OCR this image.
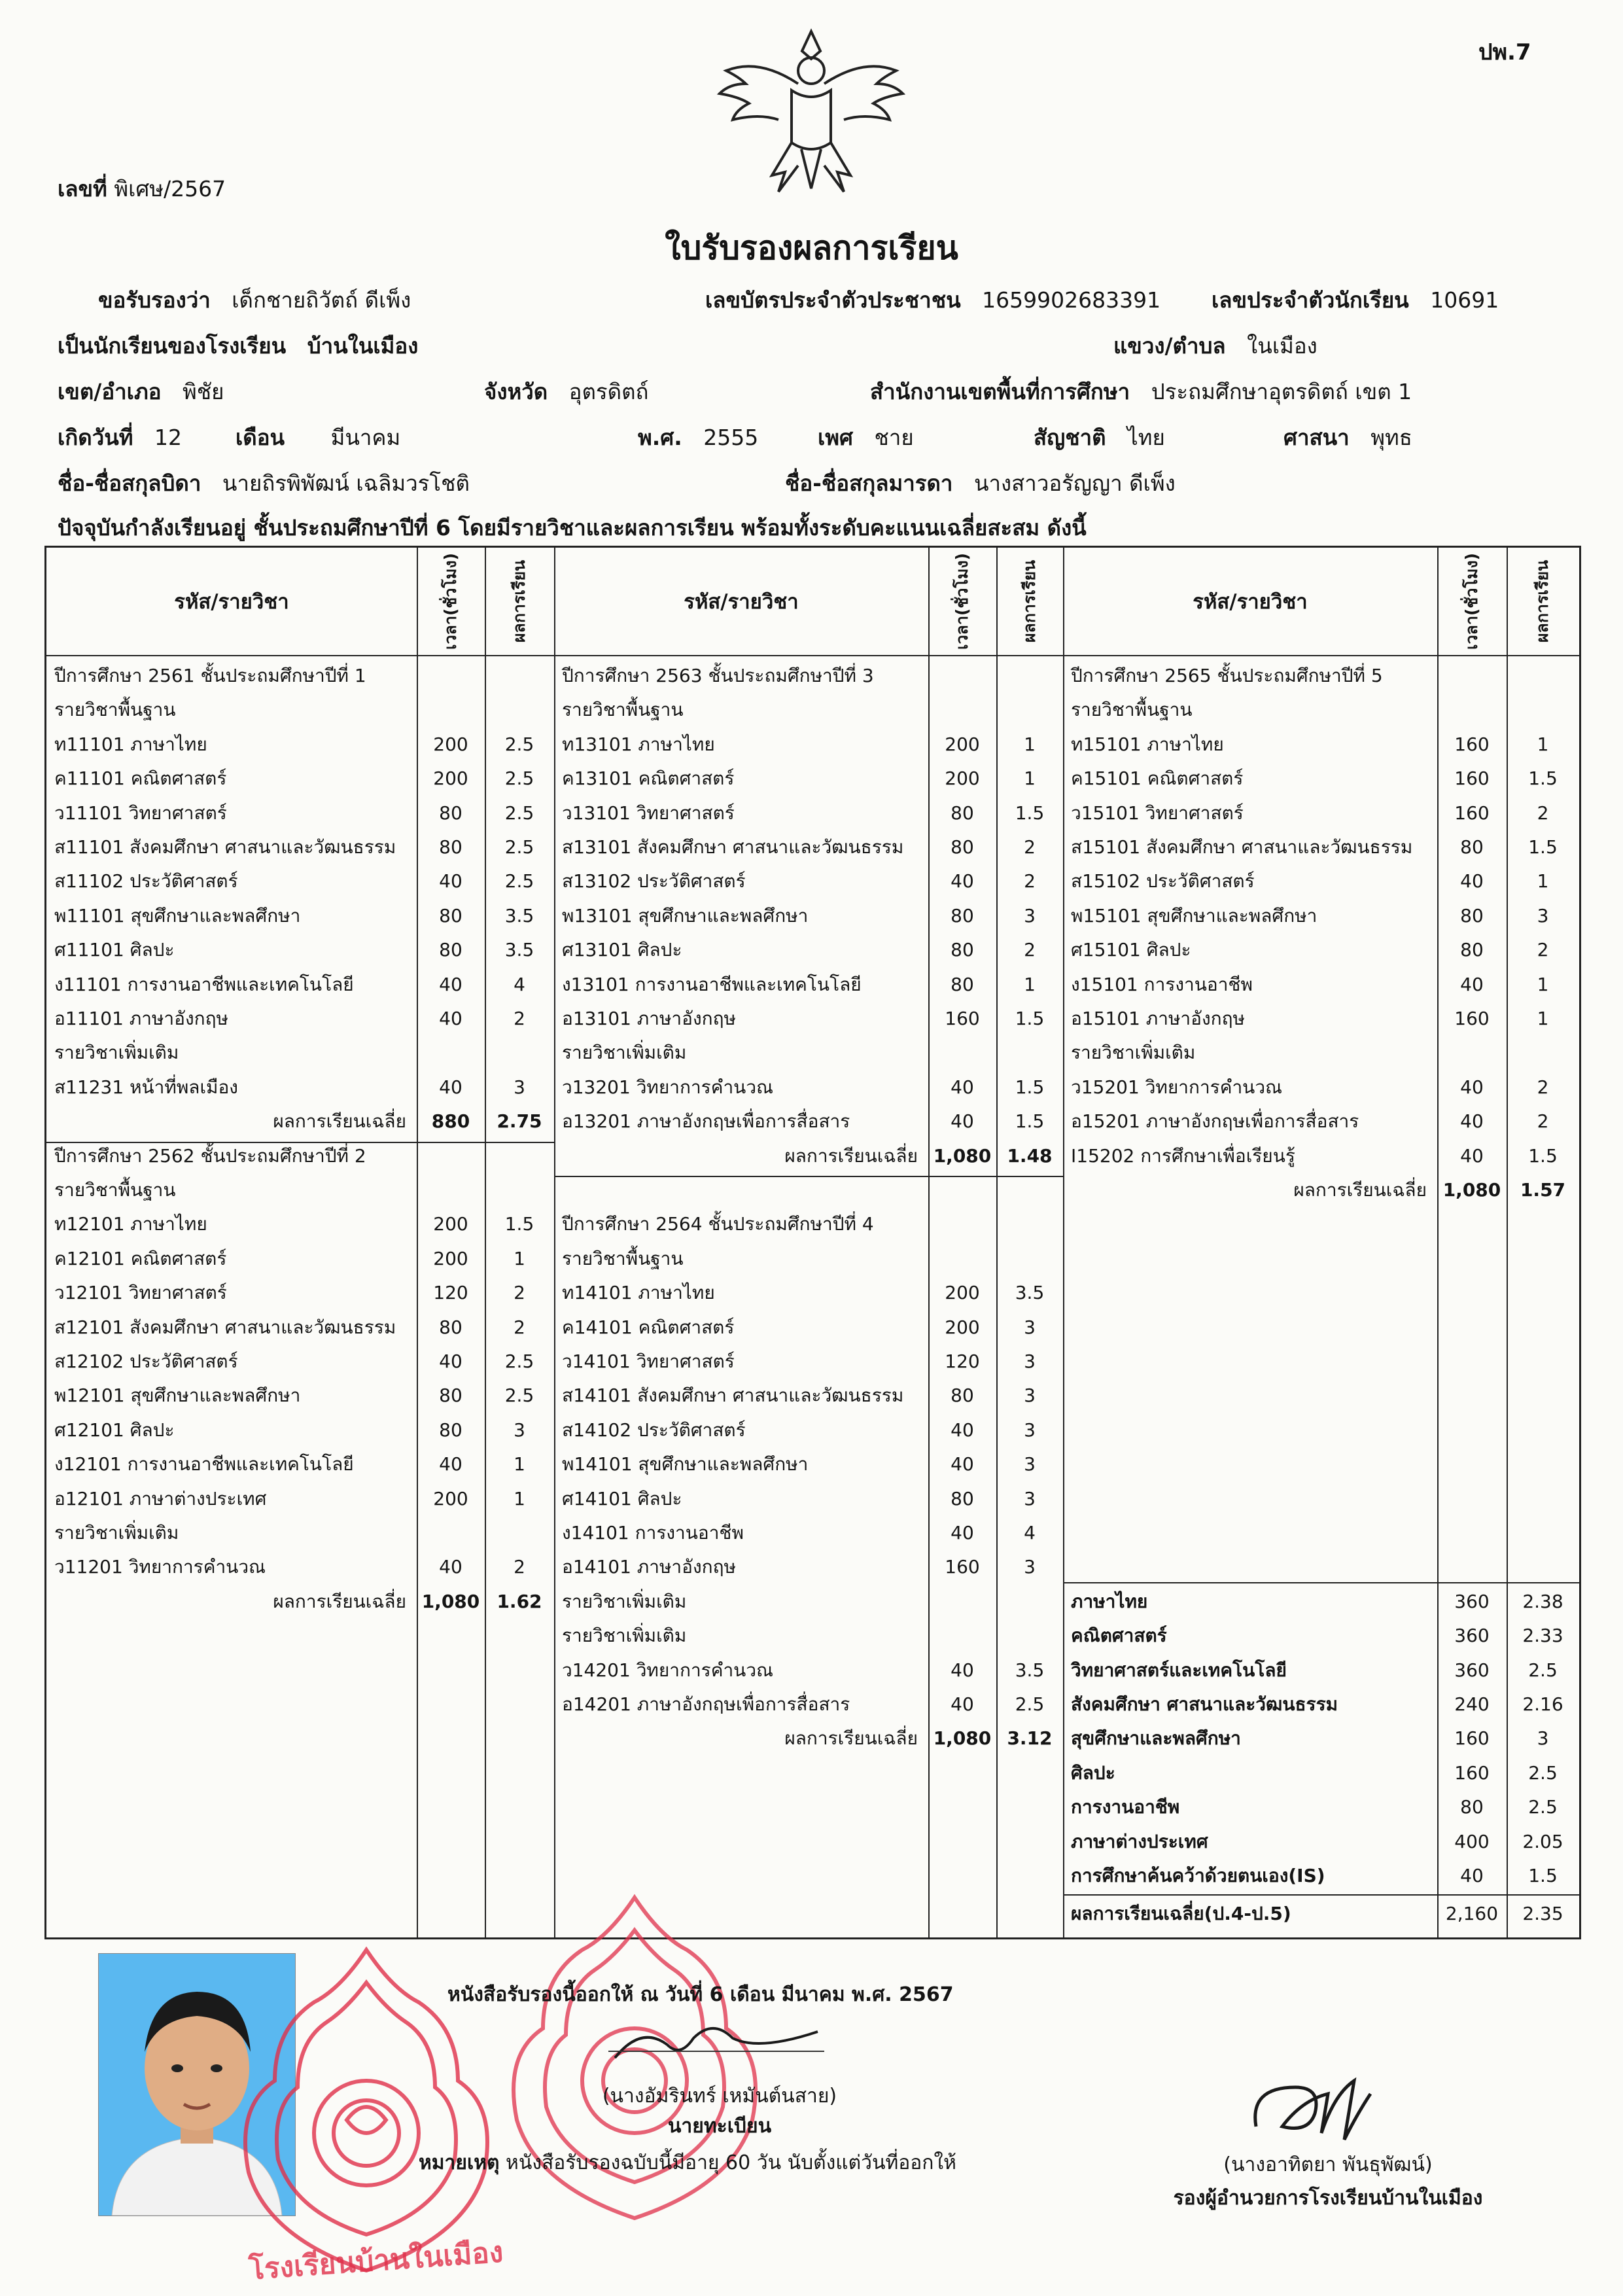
ปพ.7
เลขที่ พิเศษ/2567
ใบรับรองผลการเรียน
ขอรับรองว่า เด็กชายถิวัตถ์ ดีเพ็ง	เลขบัตรประจำตัวประชาชน 1659902683391 เลขประจำตัวนักเรียน 10691
เป็นนักเรียนของโรงเรียน บ้านในเมือง	แขวง/ตำบล ในเมือง
เขต/อำเภอ พิชัย	จังหวัด อุตรดิตถ์	สำนักงานเขตพื้นที่การศึกษา ประถมศึกษาอุตรดิตถ์ เขต 1
เกิดวันที่ 12 เดือน มีนาคม	พ.ศ. 2555	เพศ ชาย	สัญชาติ ไทย	ศาสนา พุทธ
ชื่อ-ชื่อสกุลบิดา นายถิรพิพัฒน์ เฉลิมวรโชติ	ชื่อ-ชื่อสกุลมารดา นางสาวอรัญญา ดีเพ็ง
ปัจจุบันกำลังเรียนอยู่ ชั้นประถมศึกษาปีที่ 6 โดยมีรายวิชาและผลการเรียน พร้อมทั้งระดับคะแนนเฉลี่ยสะสม ดังนี้
รหัส/รายวิชา	เวลา(ชั่วโมง)	ผลการเรียน	รหัส/รายวิชา	เวลา(ชั่วโมง)	ผลการเรียน	รหัส/รายวิชา	เวลา(ชั่วโมง)	ผลการเรียน
ปีการศึกษา 2561 ชั้นประถมศึกษาปีที่ 1
รายวิชาพื้นฐาน
ท11101 ภาษาไทย	200	2.5
ค11101 คณิตศาสตร์	200	2.5
ว11101 วิทยาศาสตร์	80	2.5
ส11101 สังคมศึกษา ศาสนาและวัฒนธรรม	80	2.5
ส11102 ประวัติศาสตร์	40	2.5
พ11101 สุขศึกษาและพลศึกษา	80	3.5
ศ11101 ศิลปะ	80	3.5
ง11101 การงานอาชีพและเทคโนโลยี	40	4
อ11101 ภาษาอังกฤษ	40	2
รายวิชาเพิ่มเติม
ส11231 หน้าที่พลเมือง	40	3
ผลการเรียนเฉลี่ย	880	2.75
ปีการศึกษา 2562 ชั้นประถมศึกษาปีที่ 2
รายวิชาพื้นฐาน
ท12101 ภาษาไทย	200	1.5
ค12101 คณิตศาสตร์	200	1
ว12101 วิทยาศาสตร์	120	2
ส12101 สังคมศึกษา ศาสนาและวัฒนธรรม	80	2
ส12102 ประวัติศาสตร์	40	2.5
พ12101 สุขศึกษาและพลศึกษา	80	2.5
ศ12101 ศิลปะ	80	3
ง12101 การงานอาชีพและเทคโนโลยี	40	1
อ12101 ภาษาต่างประเทศ	200	1
รายวิชาเพิ่มเติม
ว11201 วิทยาการคำนวณ	40	2
ผลการเรียนเฉลี่ย 1,080 1.62
ปีการศึกษา 2563 ชั้นประถมศึกษาปีที่ 3
รายวิชาพื้นฐาน
ท13101 ภาษาไทย	200	1
ค13101 คณิตศาสตร์	200	1
ว13101 วิทยาศาสตร์	80	1.5
ส13101 สังคมศึกษา ศาสนาและวัฒนธรรม	80	2
ส13102 ประวัติศาสตร์	40	2
พ13101 สุขศึกษาและพลศึกษา	80	3
ศ13101 ศิลปะ	80	2
ง13101 การงานอาชีพและเทคโนโลยี	80	1
อ13101 ภาษาอังกฤษ	160	1.5
รายวิชาเพิ่มเติม
ว13201 วิทยาการคำนวณ	40	1.5
อ13201 ภาษาอังกฤษเพื่อการสื่อสาร	40	1.5
ผลการเรียนเฉลี่ย 1,080 1.48
ปีการศึกษา 2564 ชั้นประถมศึกษาปีที่ 4
รายวิชาพื้นฐาน
ท14101 ภาษาไทย	200	3.5
ค14101 คณิตศาสตร์	200	3
ว14101 วิทยาศาสตร์	120	3
ส14101 สังคมศึกษา ศาสนาและวัฒนธรรม	80	3
ส14102 ประวัติศาสตร์	40	3
พ14101 สุขศึกษาและพลศึกษา	40	3
ศ14101 ศิลปะ	80	3
ง14101 การงานอาชีพ	40	4
อ14101 ภาษาอังกฤษ	160	3
รายวิชาเพิ่มเติม
รายวิชาเพิ่มเติม
ว14201 วิทยาการคำนวณ	40	3.5
อ14201 ภาษาอังกฤษเพื่อการสื่อสาร	40	2.5
ผลการเรียนเฉลี่ย 1,080 3.12
ปีการศึกษา 2565 ชั้นประถมศึกษาปีที่ 5
รายวิชาพื้นฐาน
ท15101 ภาษาไทย	160	1
ค15101 คณิตศาสตร์	160	1.5
ว15101 วิทยาศาสตร์	160	2
ส15101 สังคมศึกษา ศาสนาและวัฒนธรรม	80	1.5
ส15102 ประวัติศาสตร์	40	1
พ15101 สุขศึกษาและพลศึกษา	80	3
ศ15101 ศิลปะ	80	2
ง15101 การงานอาชีพ	40	1
อ15101 ภาษาอังกฤษ	160	1
รายวิชาเพิ่มเติม
ว15201 วิทยาการคำนวณ	40	2
อ15201 ภาษาอังกฤษเพื่อการสื่อสาร	40	2
I15202 การศึกษาเพื่อเรียนรู้	40	1.5
ผลการเรียนเฉลี่ย 1,080	1.57
ภาษาไทย	360	2.38
คณิตศาสตร์	360	2.33
วิทยาศาสตร์และเทคโนโลยี	360	2.5
สังคมศึกษา ศาสนาและวัฒนธรรม	240	2.16
สุขศึกษาและพลศึกษา	160	3
ศิลปะ	160	2.5
การงานอาชีพ	80	2.5
ภาษาต่างประเทศ	400	2.05
การศึกษาค้นคว้าด้วยตนเอง(IS)	40	1.5
ผลการเรียนเฉลี่ย(ป.4-ป.5)	2,160	2.35
โรงเรียนบ้านในเมือง
หนังสือรับรองนี้ออกให้ ณ วันที่ 6 เดือน มีนาคม พ.ศ. 2567
(นางอัมรินทร์ เหมันต์นสาย)
นายทะเบียน
หมายเหตุ หนังสือรับรองฉบับนี้มีอายุ 60 วัน นับตั้งแต่วันที่ออกให้	(นางอาทิตยา พันธุพัฒน์)
รองผู้อำนวยการโรงเรียนบ้านในเมือง
